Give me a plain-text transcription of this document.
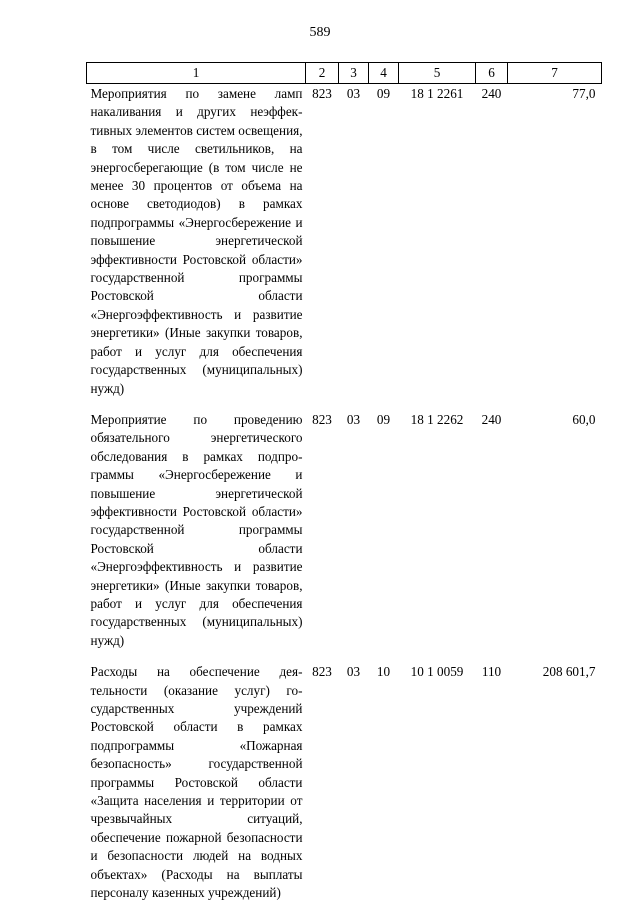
589
1	2	3	4	5	6	7
Мероприятия по замене ламп накаливания и других неэффективных элементов систем освещения, в том числе светильников, на энергосберегающие (в том числе не менее 30 процентов от объема на основе светодиодов) в рамках подпрограммы «Энергосбережение и повышение энергетической эффективности Ростовской области» государственной программы Ростовской области «Энергоэффективность и развитие энергетики» (Иные закупки товаров, работ и услуг для обеспечения государственных (муниципальных) нужд)	823	03	09	18 1 2261	240	77,0
Мероприятие по проведению обязательного энергетического обследования в рамках подпрограммы «Энергосбережение и повышение энергетической эффективности Ростовской области» государственной программы Ростовской области «Энергоэффективность и развитие энергетики» (Иные закупки товаров, работ и услуг для обеспечения государственных (муниципальных) нужд)	823	03	09	18 1 2262	240	60,0
Расходы на обеспечение деятельности (оказание услуг) государственных учреждений Ростовской области в рамках подпрограммы «Пожарная безопасность» государственной программы Ростовской области «Защита населения и территории от чрезвычайных ситуаций, обеспечение пожарной безопасности и безопасности людей на водных объектах» (Расходы на выплаты персоналу казенных учреждений)	823	03	10	10 1 0059	110	208 601,7
